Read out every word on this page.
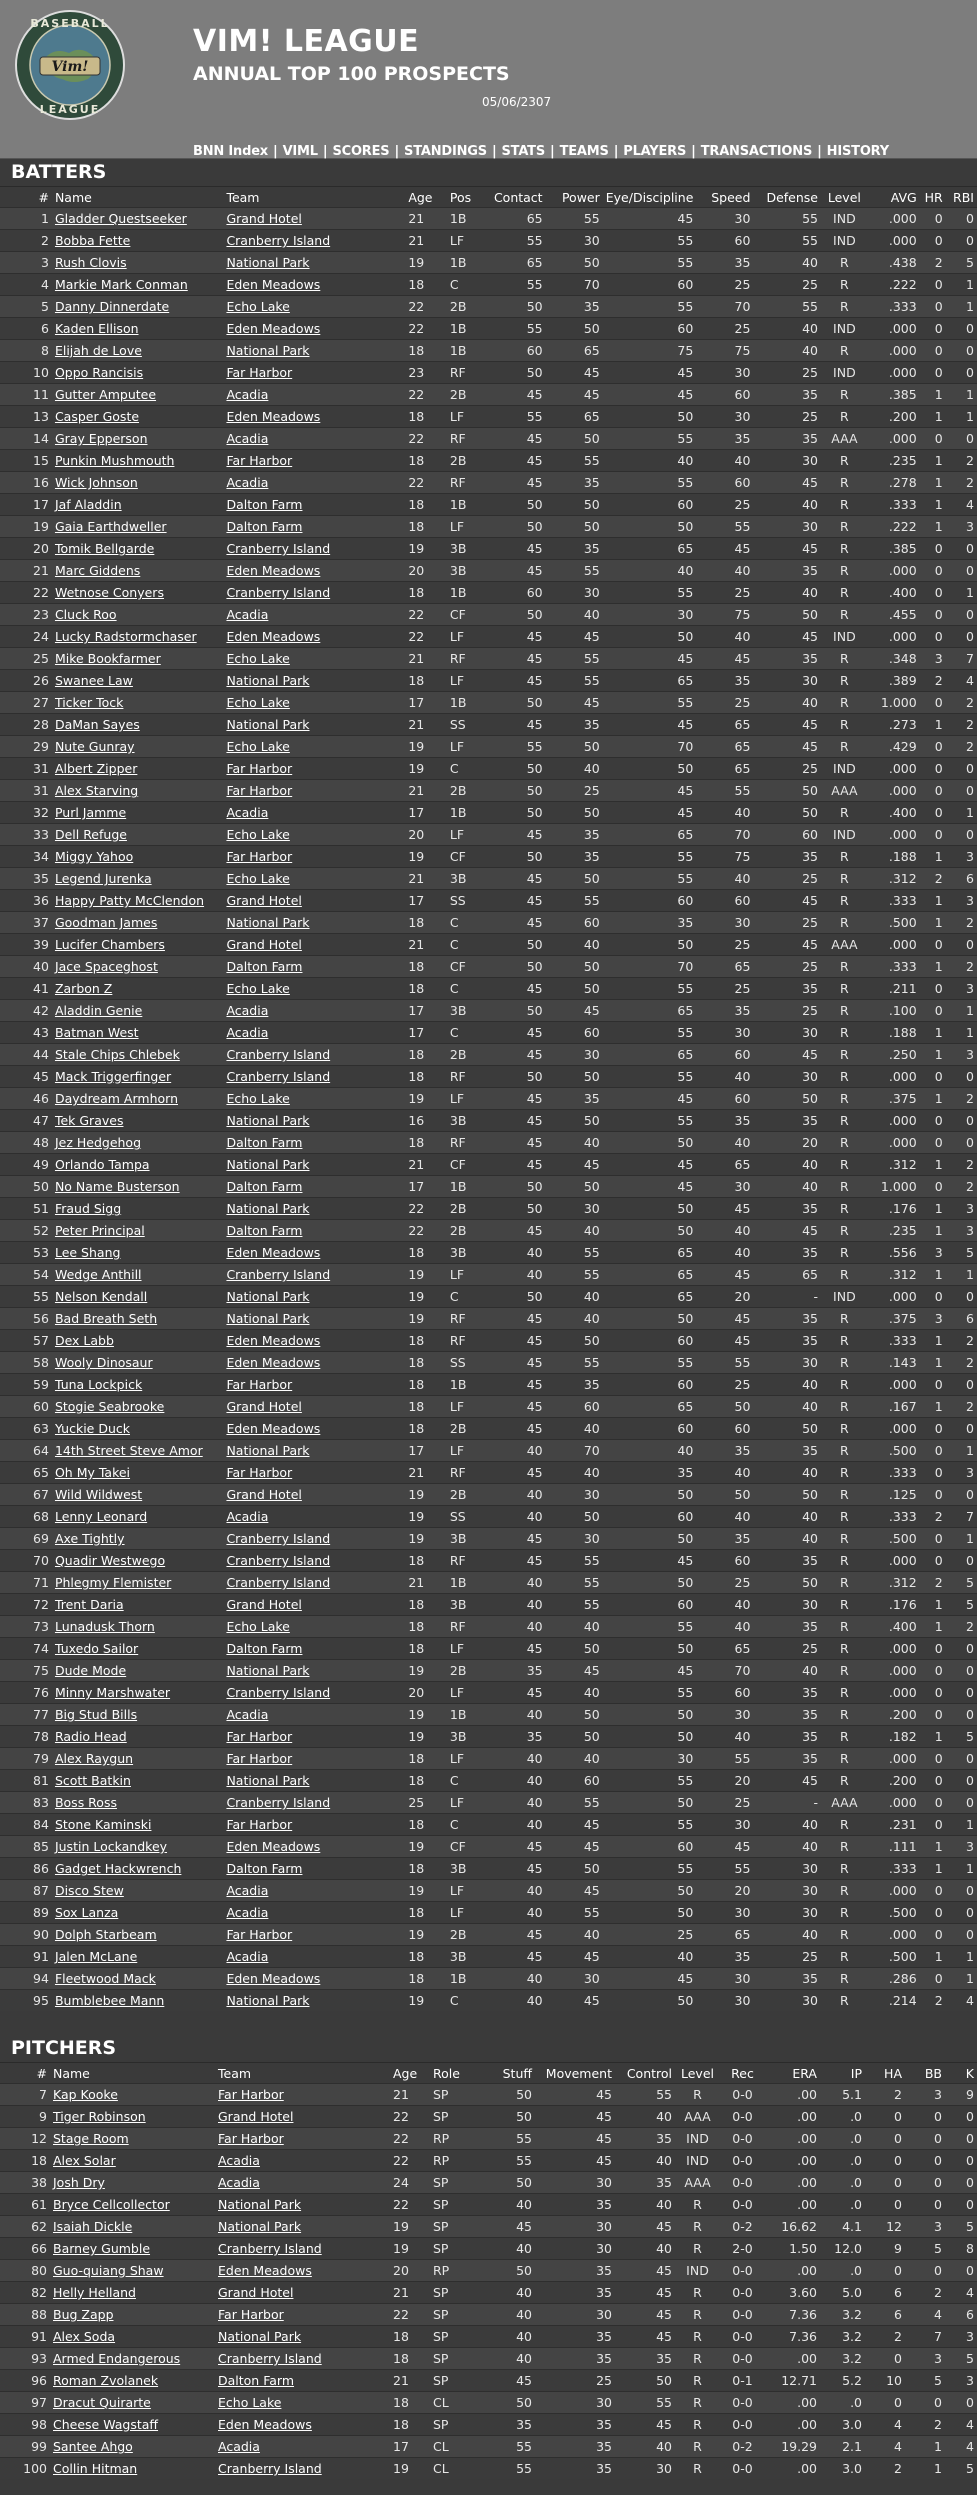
Vim!
BASEBALL
LEAGUE
VIM! LEAGUE
ANNUAL TOP 100 PROSPECTS
05/06/2307
BNN Index | VIML | SCORES | STANDINGS | STATS | TEAMS | PLAYERS | TRANSACTIONS | HISTORY
BATTERS
#	Name	Team	Age	Pos	Contact	Power	Eye/Discipline	Speed	Defense	Level	AVG	HR	RBI
1	Gladder Questseeker	Grand Hotel	21	1B	65	55	45	30	55	IND	.000	0	0
2	Bobba Fette	Cranberry Island	21	LF	55	30	55	60	55	IND	.000	0	0
3	Rush Clovis	National Park	19	1B	65	50	55	35	40	R	.438	2	5
4	Markie Mark Conman	Eden Meadows	18	C	55	70	60	25	25	R	.222	0	1
5	Danny Dinnerdate	Echo Lake	22	2B	50	35	55	70	55	R	.333	0	1
6	Kaden Ellison	Eden Meadows	22	1B	55	50	60	25	40	IND	.000	0	0
8	Elijah de Love	National Park	18	1B	60	65	75	75	40	R	.000	0	0
10	Oppo Rancisis	Far Harbor	23	RF	50	45	45	30	25	IND	.000	0	0
11	Gutter Amputee	Acadia	22	2B	45	45	45	60	35	R	.385	1	1
13	Casper Goste	Eden Meadows	18	LF	55	65	50	30	25	R	.200	1	1
14	Gray Epperson	Acadia	22	RF	45	50	55	35	35	AAA	.000	0	0
15	Punkin Mushmouth	Far Harbor	18	2B	45	55	40	40	30	R	.235	1	2
16	Wick Johnson	Acadia	22	RF	45	35	55	60	45	R	.278	1	2
17	Jaf Aladdin	Dalton Farm	18	1B	50	50	60	25	40	R	.333	1	4
19	Gaia Earthdweller	Dalton Farm	18	LF	50	50	50	55	30	R	.222	1	3
20	Tomik Bellgarde	Cranberry Island	19	3B	45	35	65	45	45	R	.385	0	0
21	Marc Giddens	Eden Meadows	20	3B	45	55	40	40	35	R	.000	0	0
22	Wetnose Conyers	Cranberry Island	18	1B	60	30	55	25	40	R	.400	0	1
23	Cluck Roo	Acadia	22	CF	50	40	30	75	50	R	.455	0	0
24	Lucky Radstormchaser	Eden Meadows	22	LF	45	45	50	40	45	IND	.000	0	0
25	Mike Bookfarmer	Echo Lake	21	RF	45	55	45	45	35	R	.348	3	7
26	Swanee Law	National Park	18	LF	45	55	65	35	30	R	.389	2	4
27	Ticker Tock	Echo Lake	17	1B	50	45	55	25	40	R	1.000	0	2
28	DaMan Sayes	National Park	21	SS	45	35	45	65	45	R	.273	1	2
29	Nute Gunray	Echo Lake	19	LF	55	50	70	65	45	R	.429	0	2
31	Albert Zipper	Far Harbor	19	C	50	40	50	65	25	IND	.000	0	0
31	Alex Starving	Far Harbor	21	2B	50	25	45	55	50	AAA	.000	0	0
32	Purl Jamme	Acadia	17	1B	50	50	45	40	50	R	.400	0	1
33	Dell Refuge	Echo Lake	20	LF	45	35	65	70	60	IND	.000	0	0
34	Miggy Yahoo	Far Harbor	19	CF	50	35	55	75	35	R	.188	1	3
35	Legend Jurenka	Echo Lake	21	3B	45	50	55	40	25	R	.312	2	6
36	Happy Patty McClendon	Grand Hotel	17	SS	45	55	60	60	45	R	.333	1	3
37	Goodman James	National Park	18	C	45	60	35	30	25	R	.500	1	2
39	Lucifer Chambers	Grand Hotel	21	C	50	40	50	25	45	AAA	.000	0	0
40	Jace Spaceghost	Dalton Farm	18	CF	50	50	70	65	25	R	.333	1	2
41	Zarbon Z	Echo Lake	18	C	45	50	55	25	35	R	.211	0	3
42	Aladdin Genie	Acadia	17	3B	50	45	65	35	25	R	.100	0	1
43	Batman West	Acadia	17	C	45	60	55	30	30	R	.188	1	1
44	Stale Chips Chlebek	Cranberry Island	18	2B	45	30	65	60	45	R	.250	1	3
45	Mack Triggerfinger	Cranberry Island	18	RF	50	50	55	40	30	R	.000	0	0
46	Daydream Armhorn	Echo Lake	19	LF	45	35	45	60	50	R	.375	1	2
47	Tek Graves	National Park	16	3B	45	50	55	35	35	R	.000	0	0
48	Jez Hedgehog	Dalton Farm	18	RF	45	40	50	40	20	R	.000	0	0
49	Orlando Tampa	National Park	21	CF	45	45	45	65	40	R	.312	1	2
50	No Name Busterson	Dalton Farm	17	1B	50	50	45	30	40	R	1.000	0	2
51	Fraud Sigg	National Park	22	2B	50	30	50	45	35	R	.176	1	3
52	Peter Principal	Dalton Farm	22	2B	45	40	50	40	45	R	.235	1	3
53	Lee Shang	Eden Meadows	18	3B	40	55	65	40	35	R	.556	3	5
54	Wedge Anthill	Cranberry Island	19	LF	40	55	65	45	65	R	.312	1	1
55	Nelson Kendall	National Park	19	C	50	40	65	20	-	IND	.000	0	0
56	Bad Breath Seth	National Park	19	RF	45	40	50	45	35	R	.375	3	6
57	Dex Labb	Eden Meadows	18	RF	45	50	60	45	35	R	.333	1	2
58	Wooly Dinosaur	Eden Meadows	18	SS	45	55	55	55	30	R	.143	1	2
59	Tuna Lockpick	Far Harbor	18	1B	45	35	60	25	40	R	.000	0	0
60	Stogie Seabrooke	Grand Hotel	18	LF	45	60	65	50	40	R	.167	1	2
63	Yuckie Duck	Eden Meadows	18	2B	45	40	60	60	50	R	.000	0	0
64	14th Street Steve Amor	National Park	17	LF	40	70	40	35	35	R	.500	0	1
65	Oh My Takei	Far Harbor	21	RF	45	40	35	40	40	R	.333	0	3
67	Wild Wildwest	Grand Hotel	19	2B	40	30	50	50	50	R	.125	0	0
68	Lenny Leonard	Acadia	19	SS	40	50	60	40	40	R	.333	2	7
69	Axe Tightly	Cranberry Island	19	3B	45	30	50	35	40	R	.500	0	1
70	Quadir Westwego	Cranberry Island	18	RF	45	55	45	60	35	R	.000	0	0
71	Phlegmy Flemister	Cranberry Island	21	1B	40	55	50	25	50	R	.312	2	5
72	Trent Daria	Grand Hotel	18	3B	40	55	60	40	30	R	.176	1	5
73	Lunadusk Thorn	Echo Lake	18	RF	40	40	55	40	35	R	.400	1	2
74	Tuxedo Sailor	Dalton Farm	18	LF	45	50	50	65	25	R	.000	0	0
75	Dude Mode	National Park	19	2B	35	45	45	70	40	R	.000	0	0
76	Minny Marshwater	Cranberry Island	20	LF	45	40	55	60	35	R	.000	0	0
77	Big Stud Bills	Acadia	19	1B	40	50	50	30	35	R	.200	0	0
78	Radio Head	Far Harbor	19	3B	35	50	50	40	35	R	.182	1	5
79	Alex Raygun	Far Harbor	18	LF	40	40	30	55	35	R	.000	0	0
81	Scott Batkin	National Park	18	C	40	60	55	20	45	R	.200	0	0
83	Boss Ross	Cranberry Island	25	LF	40	55	50	25	-	AAA	.000	0	0
84	Stone Kaminski	Far Harbor	18	C	40	45	55	30	40	R	.231	0	1
85	Justin Lockandkey	Eden Meadows	19	CF	45	45	60	45	40	R	.111	1	3
86	Gadget Hackwrench	Dalton Farm	18	3B	45	50	55	55	30	R	.333	1	1
87	Disco Stew	Acadia	19	LF	40	45	50	20	30	R	.000	0	0
89	Sox Lanza	Acadia	18	LF	40	55	50	30	30	R	.500	0	0
90	Dolph Starbeam	Far Harbor	19	2B	45	40	25	65	40	R	.000	0	0
91	Jalen McLane	Acadia	18	3B	45	45	40	35	25	R	.500	1	1
94	Fleetwood Mack	Eden Meadows	18	1B	40	30	45	30	35	R	.286	0	1
95	Bumblebee Mann	National Park	19	C	40	45	50	30	30	R	.214	2	4
PITCHERS
#	Name	Team	Age	Role	Stuff	Movement	Control	Level	Rec	ERA	IP	HA	BB	K
7	Kap Kooke	Far Harbor	21	SP	50	45	55	R	0-0	.00	5.1	2	3	9
9	Tiger Robinson	Grand Hotel	22	SP	50	45	40	AAA	0-0	.00	.0	0	0	0
12	Stage Room	Far Harbor	22	RP	55	45	35	IND	0-0	.00	.0	0	0	0
18	Alex Solar	Acadia	22	RP	55	45	40	IND	0-0	.00	.0	0	0	0
38	Josh Dry	Acadia	24	SP	50	30	35	AAA	0-0	.00	.0	0	0	0
61	Bryce Cellcollector	National Park	22	SP	40	35	40	R	0-0	.00	.0	0	0	0
62	Isaiah Dickle	National Park	19	SP	45	30	45	R	0-2	16.62	4.1	12	3	5
66	Barney Gumble	Cranberry Island	19	SP	40	30	40	R	2-0	1.50	12.0	9	5	8
80	Guo-quiang Shaw	Eden Meadows	20	RP	50	35	45	IND	0-0	.00	.0	0	0	0
82	Helly Helland	Grand Hotel	21	SP	40	35	45	R	0-0	3.60	5.0	6	2	4
88	Bug Zapp	Far Harbor	22	SP	40	30	45	R	0-0	7.36	3.2	6	4	6
91	Alex Soda	National Park	18	SP	40	35	45	R	0-0	7.36	3.2	2	7	3
93	Armed Endangerous	Cranberry Island	18	SP	40	35	35	R	0-0	.00	3.2	0	3	5
96	Roman Zvolanek	Dalton Farm	21	SP	45	25	50	R	0-1	12.71	5.2	10	5	3
97	Dracut Quirarte	Echo Lake	18	CL	50	30	55	R	0-0	.00	.0	0	0	0
98	Cheese Wagstaff	Eden Meadows	18	SP	35	35	45	R	0-0	.00	3.0	4	2	4
99	Santee Ahgo	Acadia	17	CL	55	35	40	R	0-2	19.29	2.1	4	1	4
100	Collin Hitman	Cranberry Island	19	CL	55	35	30	R	0-0	.00	3.0	2	1	5
